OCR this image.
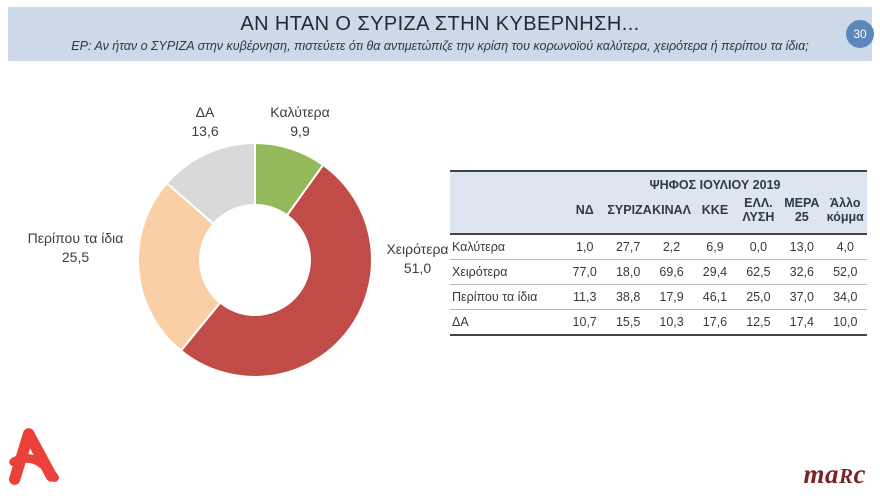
ΑΝ ΗΤΑΝ Ο ΣΥΡΙΖΑ ΣΤΗΝ ΚΥΒΕΡΝΗΣΗ...
ΕΡ: Αν ήταν ο ΣΥΡΙΖΑ στην κυβέρνηση, πιστεύετε ότι θα αντιμετώπιζε την κρίση του κορωνοϊού καλύτερα, χειρότερα ή περίπου τα ίδια;
30
Καλύτερα
9,9
Χειρότερα
51,0
Περίπου τα ίδια
25,5
ΔΑ
13,6
	ΨΗΦΟΣ ΙΟΥΛΙΟΥ 2019						
	ΝΔ	ΣΥΡΙΖΑ	ΚΙΝΑΛ	ΚΚΕ	ΕΛΛ. ΛΥΣΗ	ΜΕΡΑ 25	Άλλο κόμμα
Καλύτερα	1,0	27,7	2,2	6,9	0,0	13,0	4,0
Χειρότερα	77,0	18,0	69,6	29,4	62,5	32,6	52,0
Περίπου τα ίδια	11,3	38,8	17,9	46,1	25,0	37,0	34,0
ΔΑ	10,7	15,5	10,3	17,6	12,5	17,4	10,0
maRc
